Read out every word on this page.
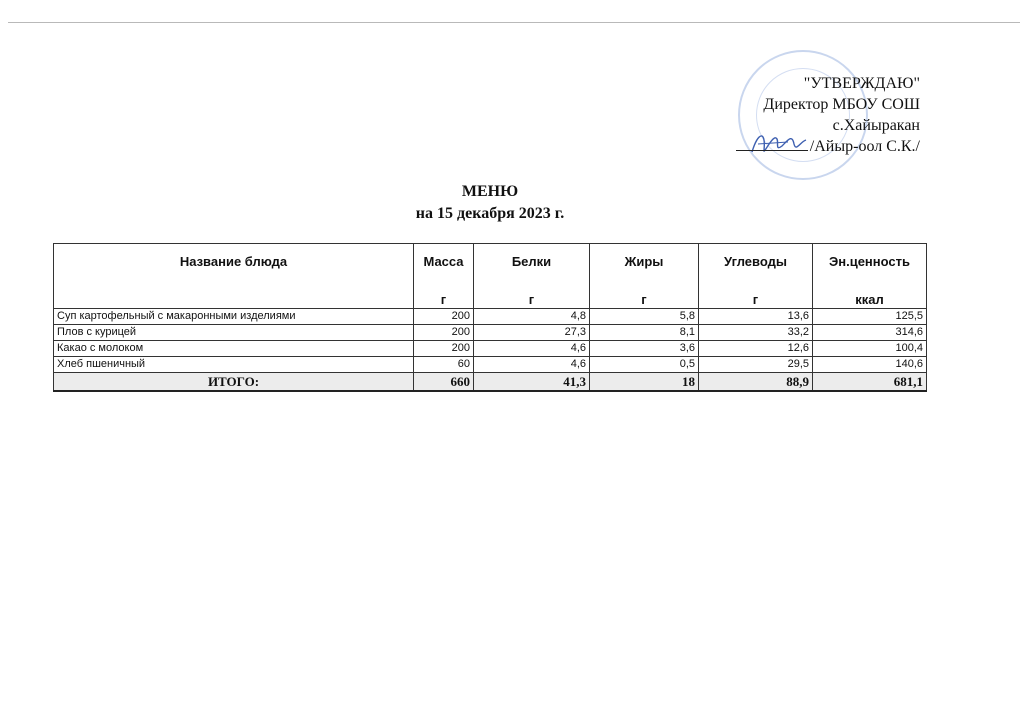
"УТВЕРЖДАЮ"
Директор МБОУ СОШ
с.Хайыракан
/Айыр-оол С.К./
МЕНЮ
на 15 декабря 2023 г.
Название блюда	Масса	Белки	Жиры	Углеводы	Эн.ценность
	г	г	г	г	ккал
Суп картофельный с макаронными изделиями	200	4,8	5,8	13,6	125,5
Плов с курицей	200	27,3	8,1	33,2	314,6
Какао с молоком	200	4,6	3,6	12,6	100,4
Хлеб пшеничный	60	4,6	0,5	29,5	140,6
ИТОГО:	660	41,3	18	88,9	681,1
